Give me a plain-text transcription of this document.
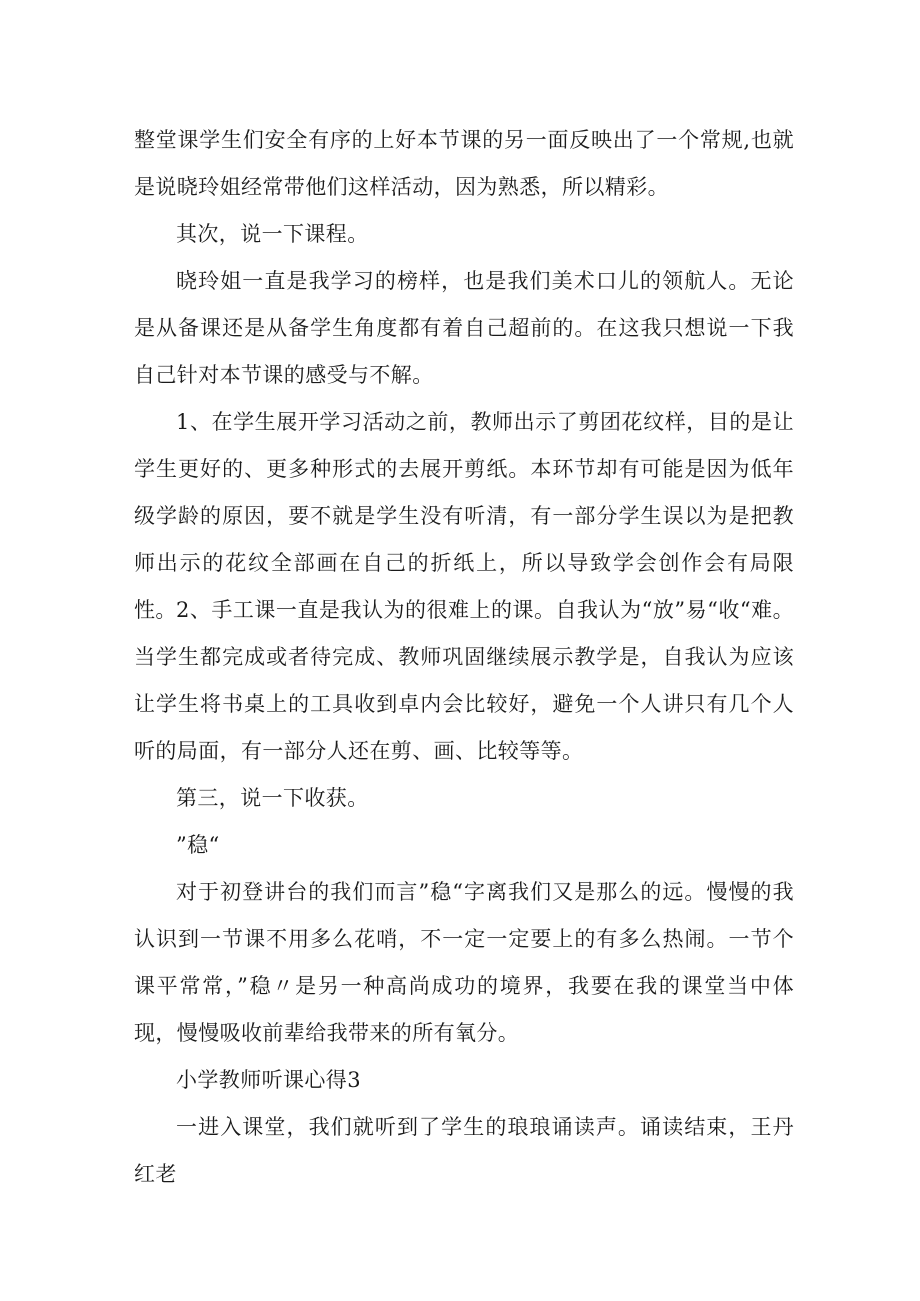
整堂课学生们安全有序的上好本节课的另一面反映出了一个常规,也就是说晓玲姐经常带他们这样活动，因为熟悉，所以精彩。

其次，说一下课程。

晓玲姐一直是我学习的榜样，也是我们美术口儿的领航人。无论是从备课还是从备学生角度都有着自己超前的。在这我只想说一下我自己针对本节课的感受与不解。

1、在学生展开学习活动之前，教师出示了剪团花纹样，目的是让学生更好的、更多种形式的去展开剪纸。本环节却有可能是因为低年级学龄的原因，要不就是学生没有听清，有一部分学生误以为是把教师出示的花纹全部画在自己的折纸上，所以导致学会创作会有局限性。 2、手工课一直是我认为的很难上的课。自我认为“放”易“收“难。当学生都完成或者待完成、教师巩固继续展示教学是，自我认为应该让学生将书桌上的工具收到卓内会比较好，避免一个人讲只有几个人听的局面，有一部分人还在剪、画、比较等等。

第三，说一下收获。

”稳“

对于初登讲台的我们而言”稳“字离我们又是那么的远。慢慢的我认识到一节课不用多么花哨，不一定一定要上的有多么热闹。一节个课平常常，”稳〃是另一种高尚成功的境界，我要在我的课堂当中体现，慢慢吸收前辈给我带来的所有氧分。

小学教师听课心得3

一进入课堂，我们就听到了学生的琅琅诵读声。诵读结束，王丹红老
